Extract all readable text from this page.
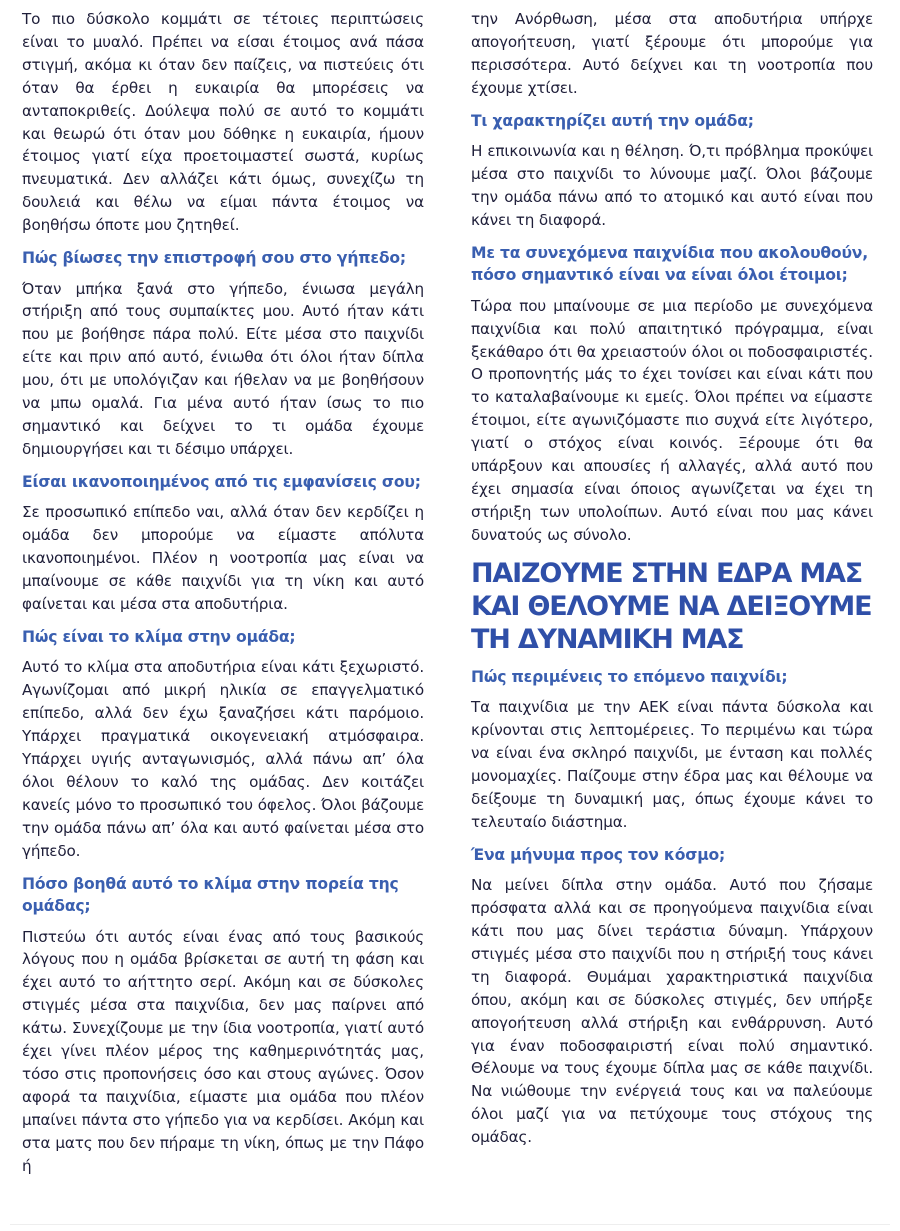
Το πιο δύσκολο κομμάτι σε τέτοιες περιπτώσεις είναι το μυαλό. Πρέπει να είσαι έτοιμος ανά πάσα στιγμή, ακόμα κι όταν δεν παίζεις, να πιστεύεις ότι όταν θα έρθει η ευκαιρία θα μπορέσεις να ανταποκριθείς. Δούλεψα πολύ σε αυτό το κομμάτι και θεωρώ ότι όταν μου δόθηκε η ευκαιρία, ήμουν έτοιμος γιατί είχα προετοιμαστεί σωστά, κυρίως πνευματικά. Δεν αλλάζει κάτι όμως, συνεχίζω τη δουλειά και θέλω να είμαι πάντα έτοιμος να βοηθήσω όποτε μου ζητηθεί.

Πώς βίωσες την επιστροφή σου στο γήπεδο;

Όταν μπήκα ξανά στο γήπεδο, ένιωσα μεγάλη στήριξη από τους συμπαίκτες μου. Αυτό ήταν κάτι που με βοήθησε πάρα πολύ. Είτε μέσα στο παιχνίδι είτε και πριν από αυτό, ένιωθα ότι όλοι ήταν δίπλα μου, ότι με υπολόγιζαν και ήθελαν να με βοηθήσουν να μπω ομαλά. Για μένα αυτό ήταν ίσως το πιο σημαντικό και δείχνει το τι ομάδα έχουμε δημιουργήσει και τι δέσιμο υπάρχει.

Είσαι ικανοποιημένος από τις εμφανίσεις σου;

Σε προσωπικό επίπεδο ναι, αλλά όταν δεν κερδίζει η ομάδα δεν μπορούμε να είμαστε απόλυτα ικανοποιημένοι. Πλέον η νοοτροπία μας είναι να μπαίνουμε σε κάθε παιχνίδι για τη νίκη και αυτό φαίνεται και μέσα στα αποδυτήρια.

Πώς είναι το κλίμα στην ομάδα;

Αυτό το κλίμα στα αποδυτήρια είναι κάτι ξεχωριστό. Αγωνίζομαι από μικρή ηλικία σε επαγγελματικό επίπεδο, αλλά δεν έχω ξαναζήσει κάτι παρόμοιο. Υπάρχει πραγματικά οικογενειακή ατμόσφαιρα. Υπάρχει υγιής ανταγωνισμός, αλλά πάνω απ’ όλα όλοι θέλουν το καλό της ομάδας. Δεν κοιτάζει κανείς μόνο το προσωπικό του όφελος. Όλοι βάζουμε την ομάδα πάνω απ’ όλα και αυτό φαίνεται μέσα στο γήπεδο.

Πόσο βοηθά αυτό το κλίμα στην πορεία της ομάδας;

Πιστεύω ότι αυτός είναι ένας από τους βασικούς λόγους που η ομάδα βρίσκεται σε αυτή τη φάση και έχει αυτό το αήττητο σερί. Ακόμη και σε δύσκολες στιγμές μέσα στα παιχνίδια, δεν μας παίρνει από κάτω. Συνεχίζουμε με την ίδια νοοτροπία, γιατί αυτό έχει γίνει πλέον μέρος της καθημερινότητάς μας, τόσο στις προπονήσεις όσο και στους αγώνες. Όσον αφορά τα παιχνίδια, είμαστε μια ομάδα που πλέον μπαίνει πάντα στο γήπεδο για να κερδίσει. Ακόμη και στα ματς που δεν πήραμε τη νίκη, όπως με την Πάφο ή

την Ανόρθωση, μέσα στα αποδυτήρια υπήρχε απογοήτευση, γιατί ξέρουμε ότι μπορούμε για περισσότερα. Αυτό δείχνει και τη νοοτροπία που έχουμε χτίσει.

Τι χαρακτηρίζει αυτή την ομάδα;

Η επικοινωνία και η θέληση. Ό,τι πρόβλημα προκύψει μέσα στο παιχνίδι το λύνουμε μαζί. Όλοι βάζουμε την ομάδα πάνω από το ατομικό και αυτό είναι που κάνει τη διαφορά.

Με τα συνεχόμενα παιχνίδια που ακολουθούν, πόσο σημαντικό είναι να είναι όλοι έτοιμοι;

Τώρα που μπαίνουμε σε μια περίοδο με συνεχόμενα παιχνίδια και πολύ απαιτητικό πρόγραμμα, είναι ξεκάθαρο ότι θα χρειαστούν όλοι οι ποδοσφαιριστές. Ο προπονητής μάς το έχει τονίσει και είναι κάτι που το καταλαβαίνουμε κι εμείς. Όλοι πρέπει να είμαστε έτοιμοι, είτε αγωνιζόμαστε πιο συχνά είτε λιγότερο, γιατί ο στόχος είναι κοινός. Ξέρουμε ότι θα υπάρξουν και απουσίες ή αλλαγές, αλλά αυτό που έχει σημασία είναι όποιος αγωνίζεται να έχει τη στήριξη των υπολοίπων. Αυτό είναι που μας κάνει δυνατούς ως σύνολο.

ΠΑΙΖΟΥΜΕ ΣΤΗΝ ΕΔΡΑ ΜΑΣ ΚΑΙ ΘΕΛΟΥΜΕ ΝΑ ΔΕΙΞΟΥΜΕ ΤΗ ΔΥΝΑΜΙΚΗ ΜΑΣ
Πώς περιμένεις το επόμενο παιχνίδι;

Τα παιχνίδια με την ΑΕΚ είναι πάντα δύσκολα και κρίνονται στις λεπτομέρειες. Το περιμένω και τώρα να είναι ένα σκληρό παιχνίδι, με ένταση και πολλές μονομαχίες. Παίζουμε στην έδρα μας και θέλουμε να δείξουμε τη δυναμική μας, όπως έχουμε κάνει το τελευταίο διάστημα.

Ένα μήνυμα προς τον κόσμο;

Να μείνει δίπλα στην ομάδα. Αυτό που ζήσαμε πρόσφατα αλλά και σε προηγούμενα παιχνίδια είναι κάτι που μας δίνει τεράστια δύναμη. Υπάρχουν στιγμές μέσα στο παιχνίδι που η στήριξή τους κάνει τη διαφορά. Θυμάμαι χαρακτηριστικά παιχνίδια όπου, ακόμη και σε δύσκολες στιγμές, δεν υπήρξε απογοήτευση αλλά στήριξη και ενθάρρυνση. Αυτό για έναν ποδοσφαιριστή είναι πολύ σημαντικό. Θέλουμε να τους έχουμε δίπλα μας σε κάθε παιχνίδι. Να νιώθουμε την ενέργειά τους και να παλεύουμε όλοι μαζί για να πετύχουμε τους στόχους της ομάδας.
